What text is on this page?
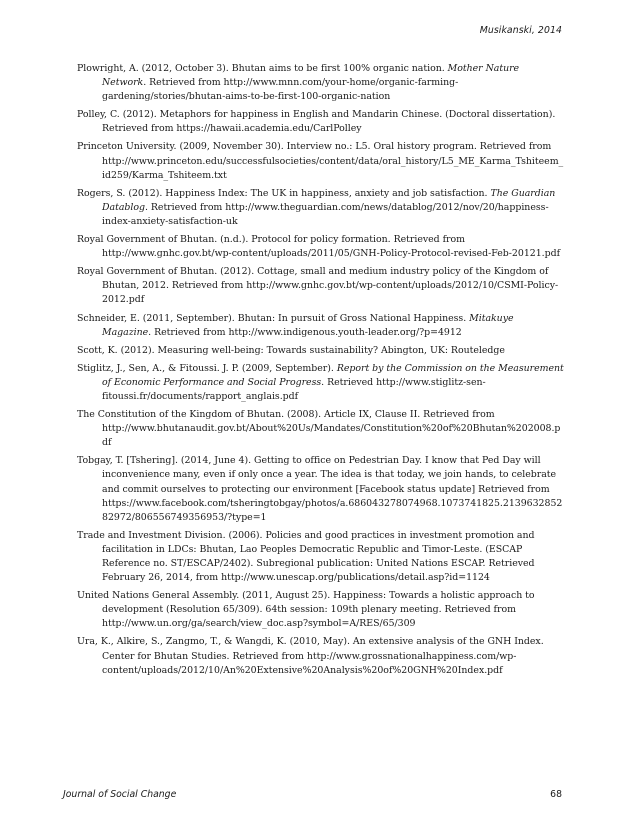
Musikanski, 2014
Plowright, A. (2012, October 3). Bhutan aims to be first 100% organic nation. Mother Nature Network. Retrieved from http://www.mnn.com/your-home/organic-farming-gardening/stories/bhutan-aims-to-be-first-100-organic-nation
Polley, C. (2012). Metaphors for happiness in English and Mandarin Chinese. (Doctoral dissertation). Retrieved from https://hawaii.academia.edu/CarlPolley
Princeton University. (2009, November 30). Interview no.: L5. Oral history program. Retrieved from http://www.princeton.edu/successfulsocieties/content/data/oral_history/L5_ME_Karma_Tshiteem_id259/Karma_Tshiteem.txt
Rogers, S. (2012). Happiness Index: The UK in happiness, anxiety and job satisfaction. The Guardian Datablog. Retrieved from http://www.theguardian.com/news/datablog/2012/nov/20/happiness-index-anxiety-satisfaction-uk
Royal Government of Bhutan. (n.d.). Protocol for policy formation. Retrieved from http://www.gnhc.gov.bt/wp-content/uploads/2011/05/GNH-Policy-Protocol-revised-Feb-20121.pdf
Royal Government of Bhutan. (2012). Cottage, small and medium industry policy of the Kingdom of Bhutan, 2012. Retrieved from http://www.gnhc.gov.bt/wp-content/uploads/2012/10/CSMI-Policy-2012.pdf
Schneider, E. (2011, September). Bhutan: In pursuit of Gross National Happiness. Mitakuye Magazine. Retrieved from http://www.indigenous.youth-leader.org/?p=4912
Scott, K. (2012). Measuring well-being: Towards sustainability? Abington, UK: Routeledge
Stiglitz, J., Sen, A., & Fitoussi. J. P. (2009, September). Report by the Commission on the Measurement of Economic Performance and Social Progress. Retrieved http://www.stiglitz-sen-fitoussi.fr/documents/rapport_anglais.pdf
The Constitution of the Kingdom of Bhutan. (2008). Article IX, Clause II. Retrieved from http://www.bhutanaudit.gov.bt/About%20Us/Mandates/Constitution%20of%20Bhutan%202008.pdf
Tobgay, T. [Tshering]. (2014, June 4). Getting to office on Pedestrian Day. I know that Ped Day will inconvenience many, even if only once a year. The idea is that today, we join hands, to celebrate and commit ourselves to protecting our environment [Facebook status update] Retrieved from https://www.facebook.com/tsheringtobgay/photos/a.686043278074968.1073741825.213963285282972/806556749356953/?type=1
Trade and Investment Division. (2006). Policies and good practices in investment promotion and facilitation in LDCs: Bhutan, Lao Peoples Democratic Republic and Timor-Leste. (ESCAP Reference no. ST/ESCAP/2402). Subregional publication: United Nations ESCAP. Retrieved February 26, 2014, from http://www.unescap.org/publications/detail.asp?id=1124
United Nations General Assembly. (2011, August 25). Happiness: Towards a holistic approach to development (Resolution 65/309). 64th session: 109th plenary meeting. Retrieved from http://www.un.org/ga/search/view_doc.asp?symbol=A/RES/65/309
Ura, K., Alkire, S., Zangmo, T., & Wangdi, K. (2010, May). An extensive analysis of the GNH Index. Center for Bhutan Studies. Retrieved from http://www.grossnationalhappiness.com/wp-content/uploads/2012/10/An%20Extensive%20Analysis%20of%20GNH%20Index.pdf
Journal of Social Change	68
